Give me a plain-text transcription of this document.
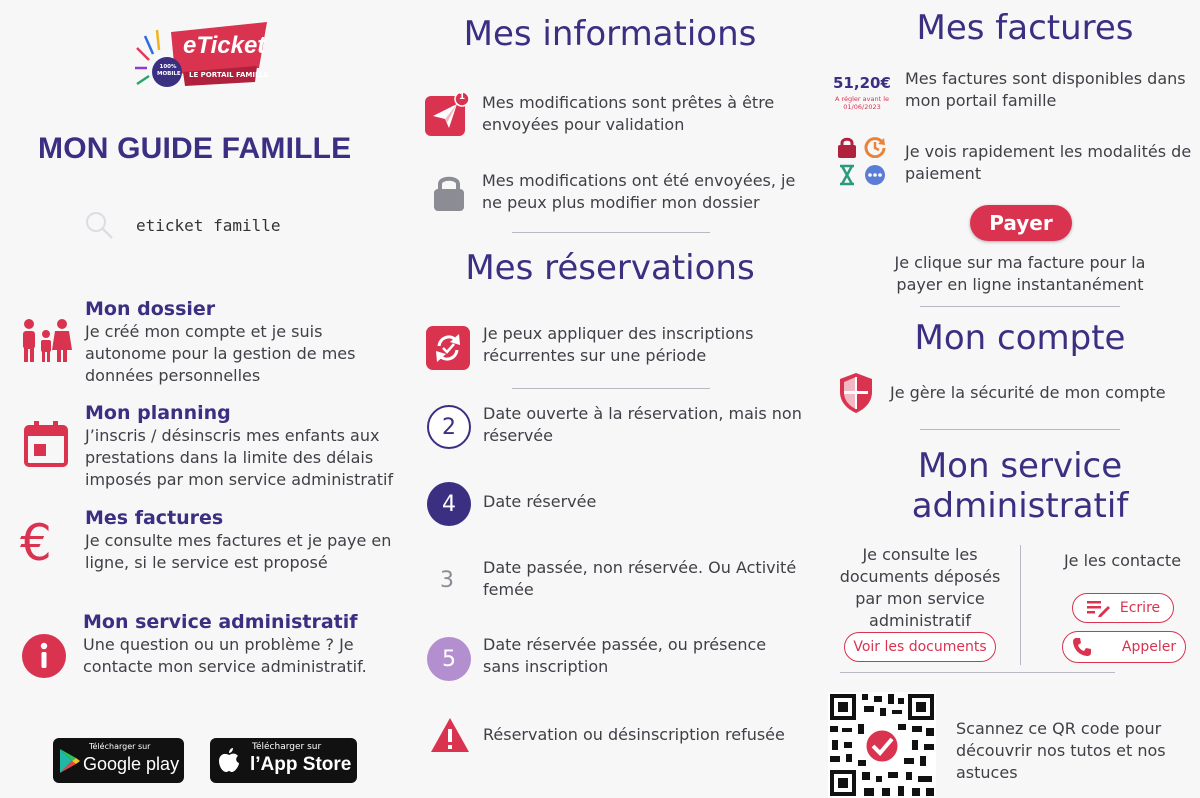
eTicket
LE PORTAIL FAMILLE
100% MOBILE
MON GUIDE FAMILLE
eticket famille
Mon dossier
Je créé mon compte et je suis autonome pour la gestion de mes données personnelles
Mon planning
J’inscris / désinscris mes enfants aux prestations dans la limite des délais imposés par mon service administratif
€ Mes factures
Je consulte mes factures et je paye en ligne, si le service est proposé
Mon service administratif
Une question ou un problème ? Je contacte mon service administratif.
Télécharger sur
Google play
Télécharger sur
l’App Store
Mes informations
1 Mes modifications sont prêtes à être envoyées pour validation
Mes modifications ont été envoyées, je ne peux plus modifier mon dossier
Mes réservations
Je peux appliquer des inscriptions récurrentes sur une période
2
Date ouverte à la réservation, mais non réservée
4	Date réservée
3	Date passée, non réservée. Ou Activité femée
5
Date réservée passée, ou présence sans inscription
Réservation ou désinscription refusée
Mes factures
51,20€
A régler avant le 01/06/2023
Mes factures sont disponibles dans mon portail famille
Je vois rapidement les modalités de paiement
Payer
Je clique sur ma facture pour la payer en ligne instantanément
Mon compte
Je gère la sécurité de mon compte
Mon service
administratif
Je consulte les documents déposés par mon service administratif
Voir les documents
Je les contacte
Ecrire
Appeler
Scannez ce QR code pour découvrir nos tutos et nos astuces
